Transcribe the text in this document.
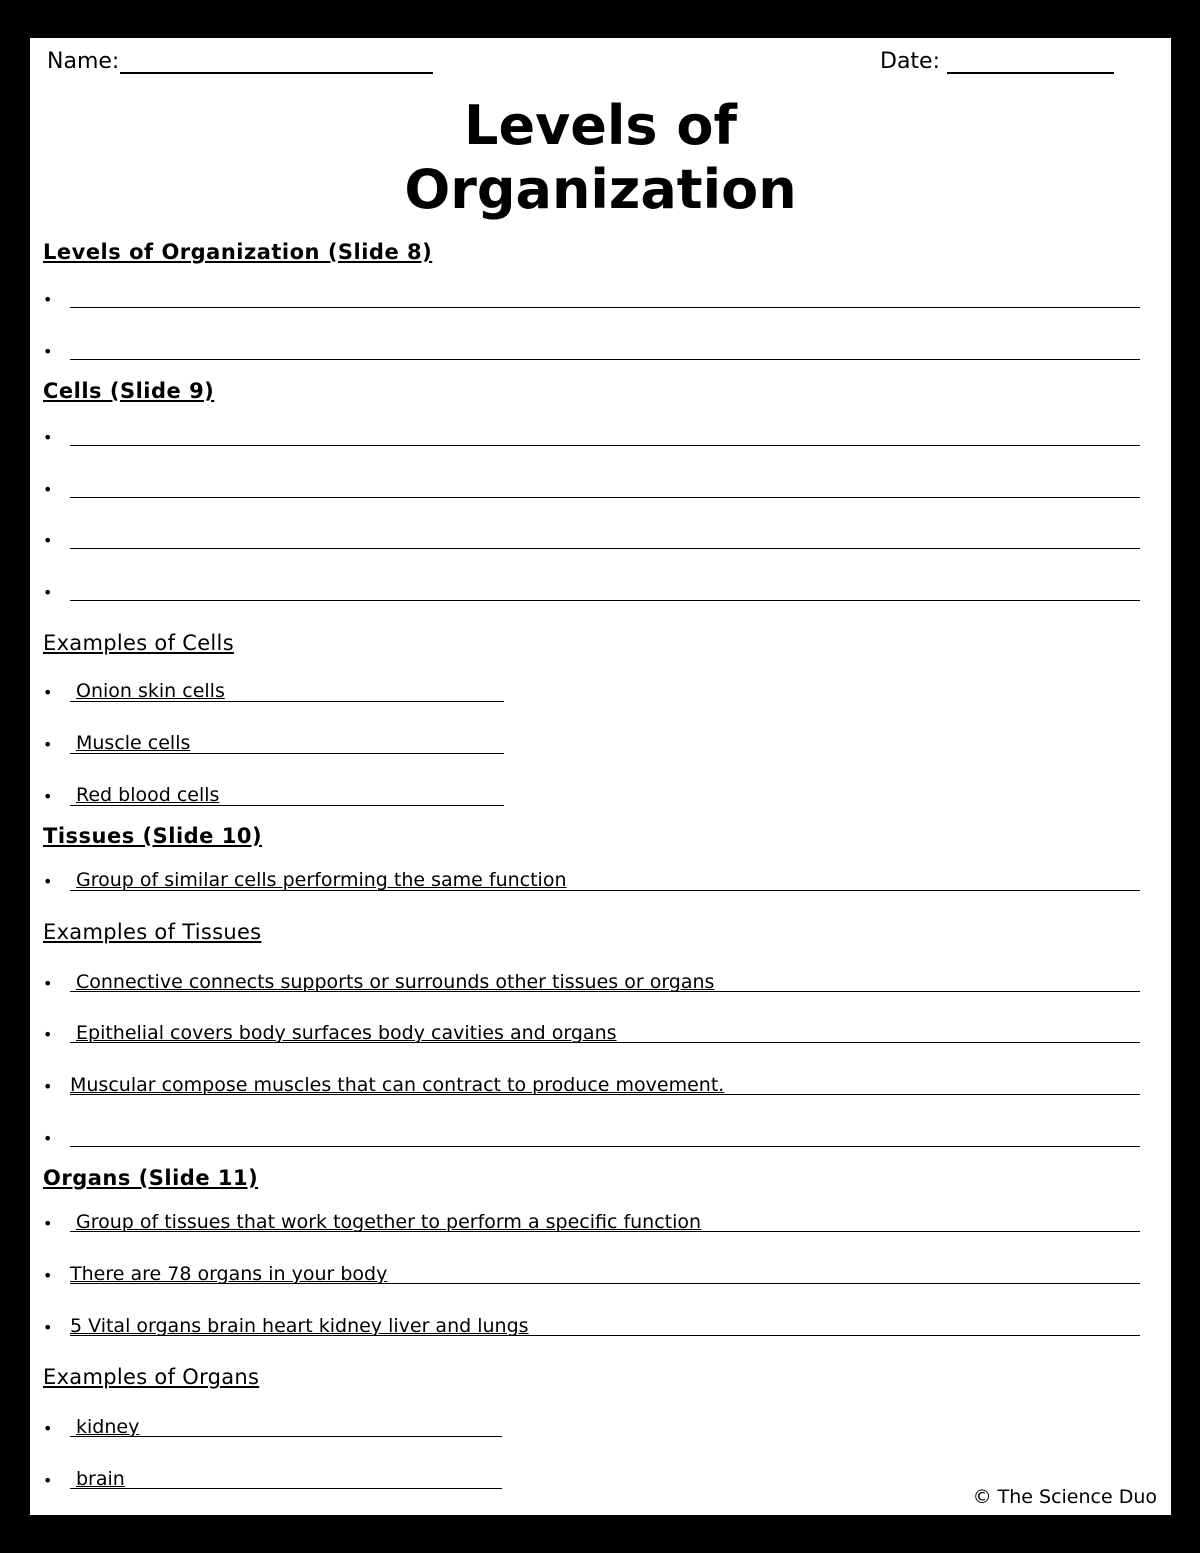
Name:	Date:
Levels of
Organization
Levels of Organization (Slide 8)
•
•
Cells (Slide 9)
•
•
•
•
Examples of Cells
• Onion skin cells
• Muscle cells
• Red blood cells
Tissues (Slide 10)
• Group of similar cells performing the same function
Examples of Tissues
• Connective connects supports or surrounds other tissues or organs
• Epithelial covers body surfaces body cavities and organs
• Muscular compose muscles that can contract to produce movement.
•
Organs (Slide 11)
• Group of tissues that work together to perform a specific function
• There are 78 organs in your body
• 5 Vital organs brain heart kidney liver and lungs
Examples of Organs
• kidney
• brain
© The Science Duo
